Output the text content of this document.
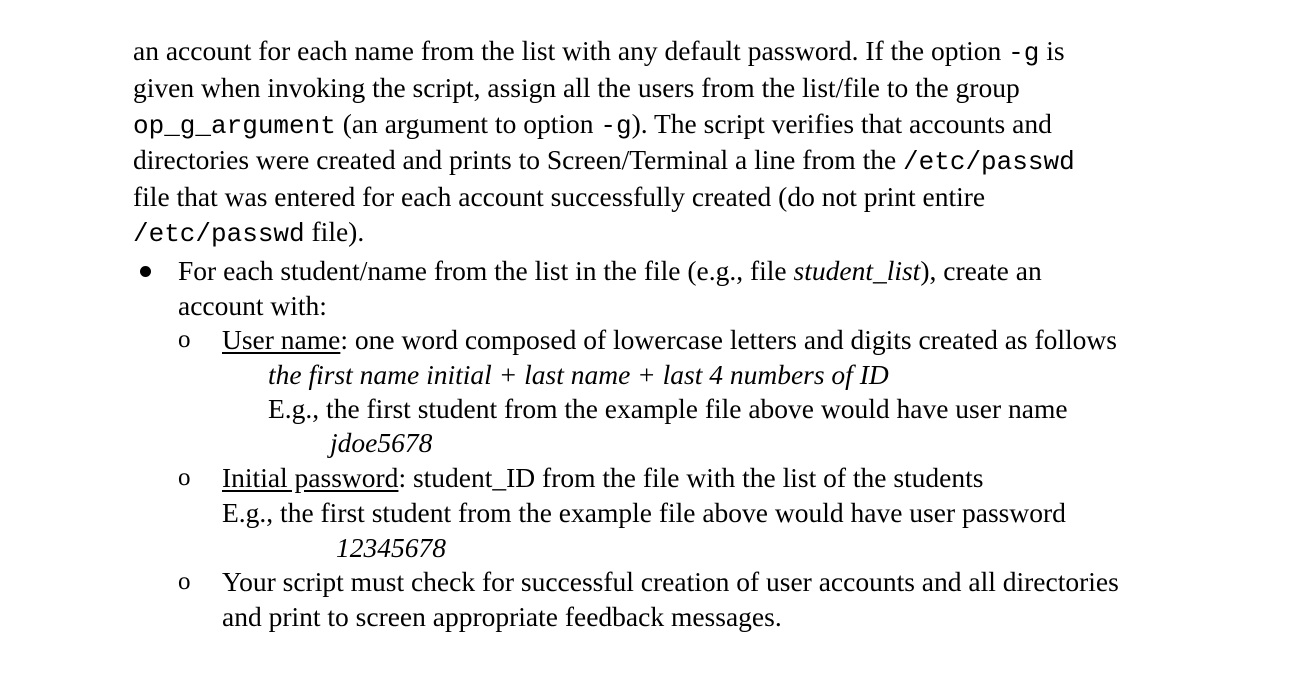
an account for each name from the list with any default password. If the option -g is
given when invoking the script, assign all the users from the list/file to the group
op_g_argument (an argument to option -g). The script verifies that accounts and
directories were created and prints to Screen/Terminal a line from the /etc/passwd
file that was entered for each account successfully created (do not print entire
/etc/passwd file).
For each student/name from the list in the file (e.g., file student_list), create an
account with:
o User name: one word composed of lowercase letters and digits created as follows
the first name initial + last name + last 4 numbers of ID
E.g., the first student from the example file above would have user name
jdoe5678
o Initial password: student_ID from the file with the list of the students
E.g., the first student from the example file above would have user password
12345678
o Your script must check for successful creation of user accounts and all directories
and print to screen appropriate feedback messages.
